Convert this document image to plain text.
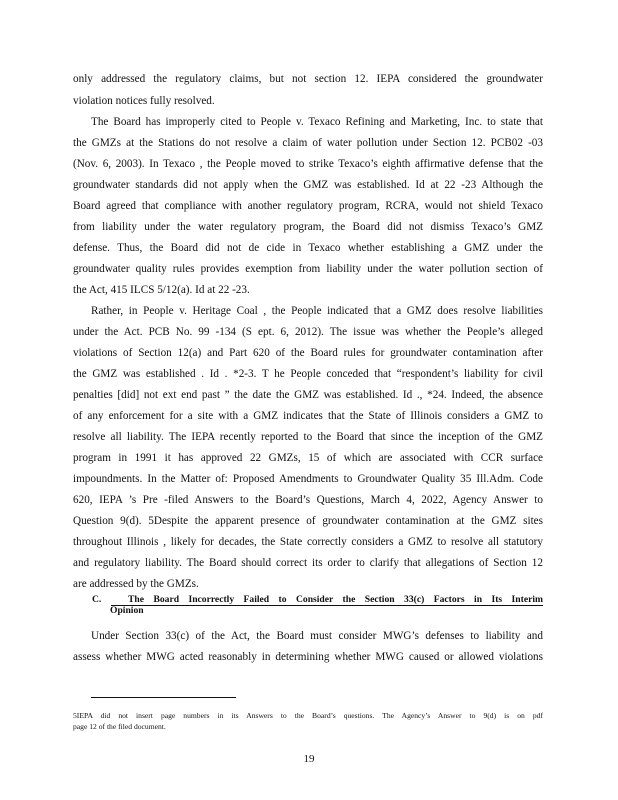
only addressed the regulatory claims, but not section 12. IEPA considered the groundwater
violation notices fully resolved.
The Board has improperly cited to People v. Texaco Refining and Marketing, Inc. to state that
the GMZs at the Stations do not resolve a claim of water pollution under Section 12. PCB02 -03
(Nov. 6, 2003). In Texaco , the People moved to strike Texaco’s eighth affirmative defense that the
groundwater standards did not apply when the GMZ was established. Id at 22 -23 Although the
Board agreed that compliance with another regulatory program, RCRA, would not shield Texaco
from liability under the water regulatory program, the Board did not dismiss Texaco’s GMZ
defense. Thus, the Board did not de cide in Texaco whether establishing a GMZ under the
groundwater quality rules provides exemption from liability under the water pollution section of
the Act, 415 ILCS 5/12(a). Id at 22 -23.
Rather, in People v. Heritage Coal , the People indicated that a GMZ does resolve liabilities
under the Act. PCB No. 99 -134 (S ept. 6, 2012). The issue was whether the People’s alleged
violations of Section 12(a) and Part 620 of the Board rules for groundwater contamination after
the GMZ was established . Id . *2-3. T he People conceded that “respondent’s liability for civil
penalties [did] not ext end past ” the date the GMZ was established. Id ., *24. Indeed, the absence
of any enforcement for a site with a GMZ indicates that the State of Illinois considers a GMZ to
resolve all liability. The IEPA recently reported to the Board that since the inception of the GMZ
program in 1991 it has approved 22 GMZs, 15 of which are associated with CCR surface
impoundments. In the Matter of: Proposed Amendments to Groundwater Quality 35 Ill.Adm. Code
620, IEPA ’s Pre -filed Answers to the Board’s Questions, March 4, 2022, Agency Answer to
Question 9(d). 5Despite the apparent presence of groundwater contamination at the GMZ sites
throughout Illinois , likely for decades, the State correctly considers a GMZ to resolve all statutory
and regulatory liability. The Board should correct its order to clarify that allegations of Section 12
are addressed by the GMZs.
C.	The Board Incorrectly Failed to Consider the Section 33(c) Factors in Its Interim
Opinion
Under Section 33(c) of the Act, the Board must consider MWG’s defenses to liability and
assess whether MWG acted reasonably in determining whether MWG caused or allowed violations
5IEPA did not insert page numbers in its Answers to the Board’s questions. The Agency’s Answer to 9(d) is on pdf
page 12 of the filed document.
19
